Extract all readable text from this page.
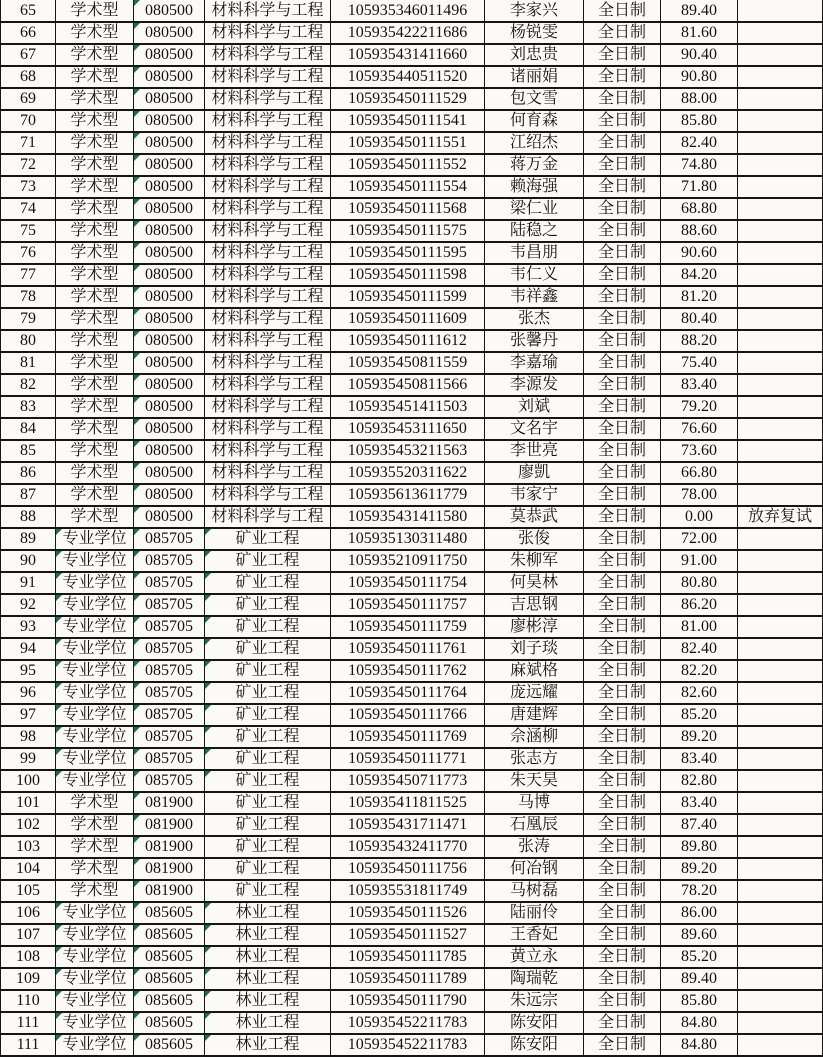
65	学术型	080500	材料科学与工程	105935346011496	李家兴	全日制	89.40	
66	学术型	080500	材料科学与工程	105935422211686	杨锐雯	全日制	81.60	
67	学术型	080500	材料科学与工程	105935431411660	刘忠贵	全日制	90.40	
68	学术型	080500	材料科学与工程	105935440511520	诸丽娟	全日制	90.80	
69	学术型	080500	材料科学与工程	105935450111529	包文雪	全日制	88.00	
70	学术型	080500	材料科学与工程	105935450111541	何育森	全日制	85.80	
71	学术型	080500	材料科学与工程	105935450111551	江绍杰	全日制	82.40	
72	学术型	080500	材料科学与工程	105935450111552	蒋万金	全日制	74.80	
73	学术型	080500	材料科学与工程	105935450111554	赖海强	全日制	71.80	
74	学术型	080500	材料科学与工程	105935450111568	梁仁业	全日制	68.80	
75	学术型	080500	材料科学与工程	105935450111575	陆稳之	全日制	88.60	
76	学术型	080500	材料科学与工程	105935450111595	韦昌朋	全日制	90.60	
77	学术型	080500	材料科学与工程	105935450111598	韦仁义	全日制	84.20	
78	学术型	080500	材料科学与工程	105935450111599	韦祥鑫	全日制	81.20	
79	学术型	080500	材料科学与工程	105935450111609	张杰	全日制	80.40	
80	学术型	080500	材料科学与工程	105935450111612	张馨丹	全日制	88.20	
81	学术型	080500	材料科学与工程	105935450811559	李嘉瑜	全日制	75.40	
82	学术型	080500	材料科学与工程	105935450811566	李源发	全日制	83.40	
83	学术型	080500	材料科学与工程	105935451411503	刘斌	全日制	79.20	
84	学术型	080500	材料科学与工程	105935453111650	文名宇	全日制	76.60	
85	学术型	080500	材料科学与工程	105935453211563	李世亮	全日制	73.60	
86	学术型	080500	材料科学与工程	105935520311622	廖凱	全日制	66.80	
87	学术型	080500	材料科学与工程	105935613611779	韦家宁	全日制	78.00	
88	学术型	080500	材料科学与工程	105935431411580	莫恭武	全日制	0.00	放弃复试
89	专业学位	085705	矿业工程	105935130311480	张俊	全日制	72.00	
90	专业学位	085705	矿业工程	105935210911750	朱柳军	全日制	91.00	
91	专业学位	085705	矿业工程	105935450111754	何昊林	全日制	80.80	
92	专业学位	085705	矿业工程	105935450111757	吉思钢	全日制	86.20	
93	专业学位	085705	矿业工程	105935450111759	廖彬淳	全日制	81.00	
94	专业学位	085705	矿业工程	105935450111761	刘子琰	全日制	82.40	
95	专业学位	085705	矿业工程	105935450111762	麻斌格	全日制	82.20	
96	专业学位	085705	矿业工程	105935450111764	庞远耀	全日制	82.60	
97	专业学位	085705	矿业工程	105935450111766	唐建辉	全日制	85.20	
98	专业学位	085705	矿业工程	105935450111769	佘涵柳	全日制	89.20	
99	专业学位	085705	矿业工程	105935450111771	张志方	全日制	83.40	
100	专业学位	085705	矿业工程	105935450711773	朱天昊	全日制	82.80	
101	学术型	081900	矿业工程	105935411811525	马博	全日制	83.40	
102	学术型	081900	矿业工程	105935431711471	石凰辰	全日制	87.40	
103	学术型	081900	矿业工程	105935432411770	张涛	全日制	89.80	
104	学术型	081900	矿业工程	105935450111756	何冶钢	全日制	89.20	
105	学术型	081900	矿业工程	105935531811749	马树磊	全日制	78.20	
106	专业学位	085605	林业工程	105935450111526	陆丽伶	全日制	86.00	
107	专业学位	085605	林业工程	105935450111527	王香妃	全日制	89.60	
108	专业学位	085605	林业工程	105935450111785	黄立永	全日制	85.20	
109	专业学位	085605	林业工程	105935450111789	陶瑞乾	全日制	89.40	
110	专业学位	085605	林业工程	105935450111790	朱远宗	全日制	85.80	
111	专业学位	085605	林业工程	105935452211783	陈安阳	全日制	84.80	
111	专业学位	085605	林业工程	105935452211783	陈安阳	全日制	84.80	
